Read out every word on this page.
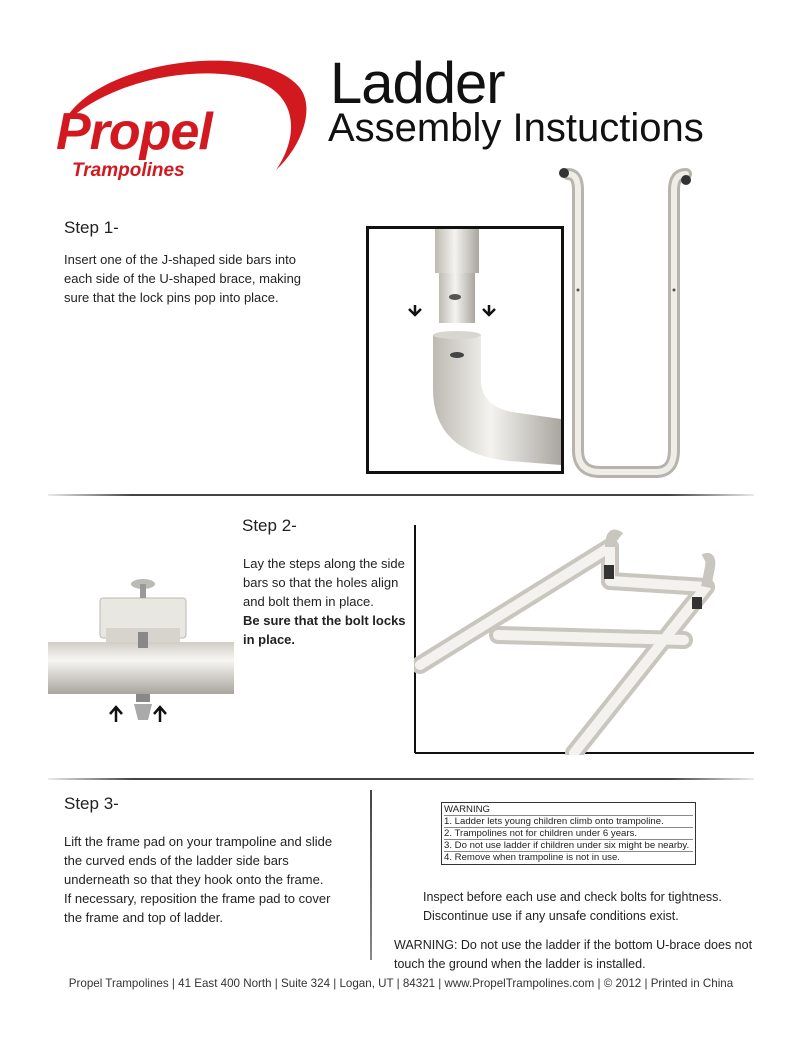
Propel
Trampolines
Ladder
Assembly Instuctions
Step 1-

Insert one of the J-shaped side bars into

each side of the U-shaped brace, making

sure that the lock pins pop into place.

Step 2-

Lay the steps along the side

bars so that the holes align

and bolt them in place.

Be sure that the bolt locks

in place.

Step 3-

Lift the frame pad on your trampoline and slide

the curved ends of the ladder side bars

underneath so that they hook onto the frame.

If necessary, reposition the frame pad to cover

the frame and top of ladder.

WARNING
1. Ladder lets young children climb onto trampoline.
2. Trampolines not for children under 6 years.
3. Do not use ladder if children under six might be nearby.
4. Remove when trampoline is not in use.

Inspect before each use and check bolts for tightness.

Discontinue use if any unsafe conditions exist.

WARNING: Do not use the ladder if the bottom U-brace does not

touch the ground when the ladder is installed.

Propel Trampolines | 41 East 400 North | Suite 324 | Logan, UT | 84321 | www.PropelTrampolines.com | © 2012 | Printed in China
